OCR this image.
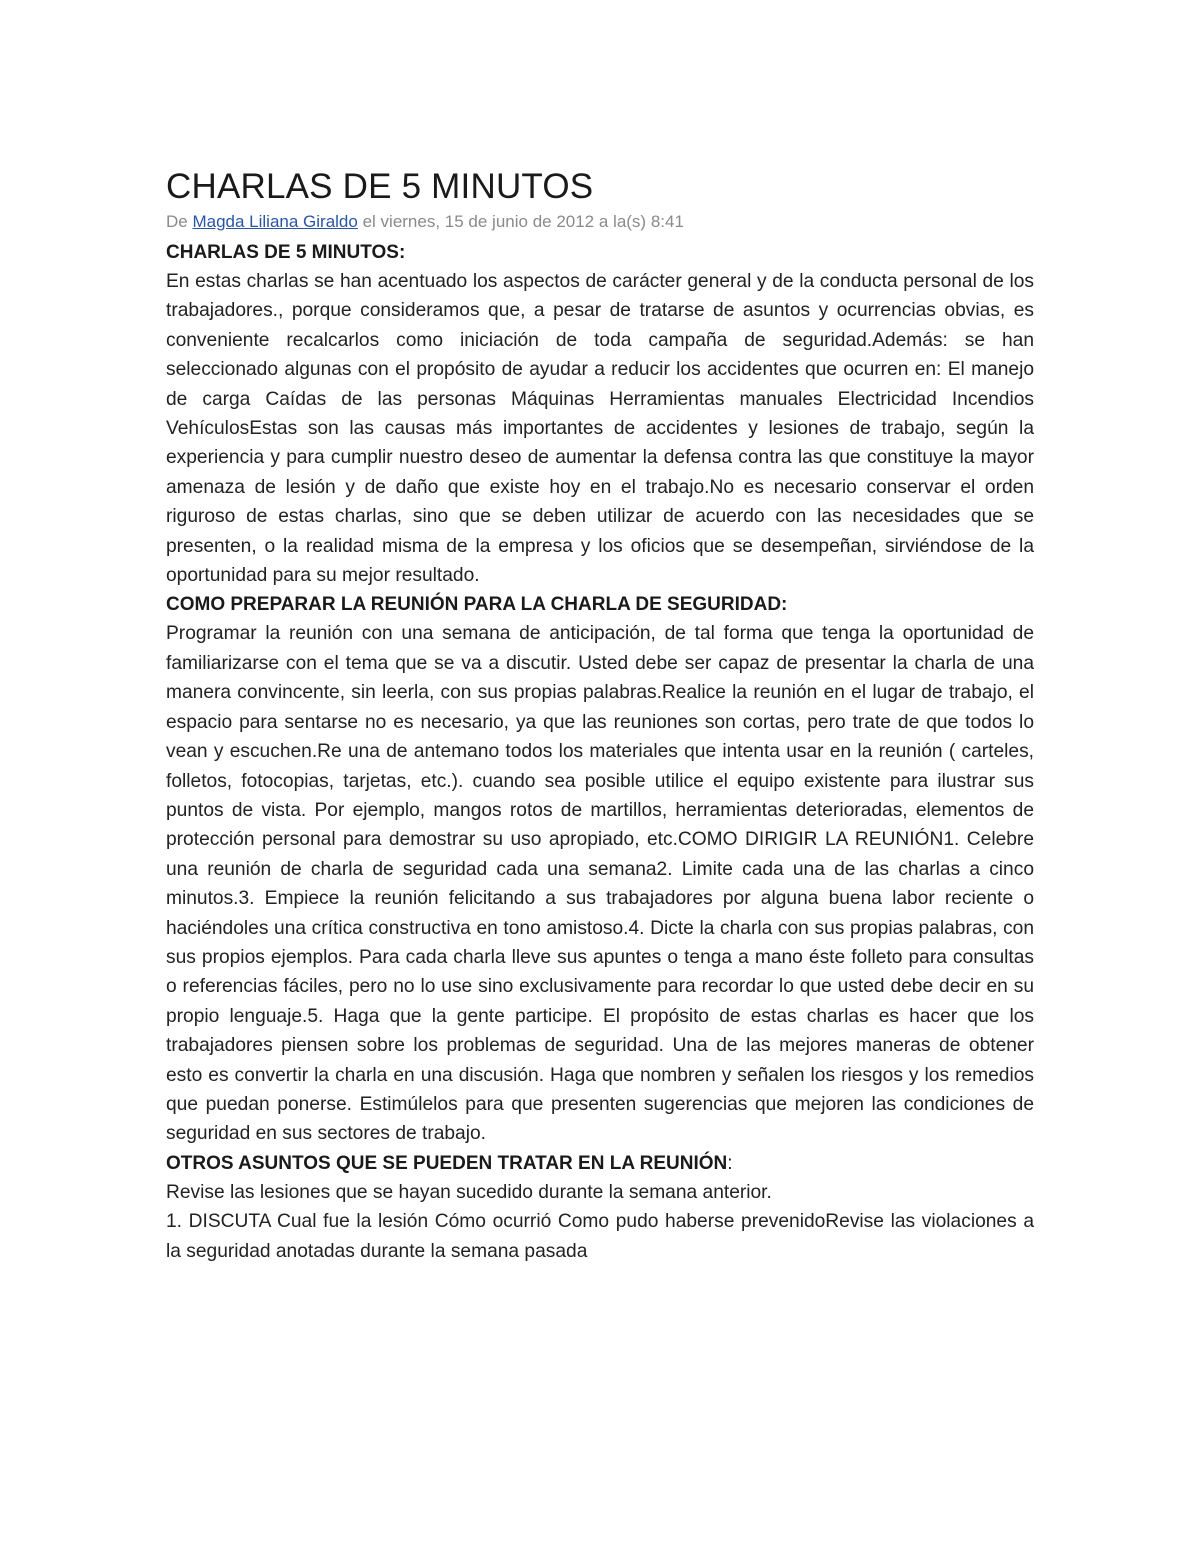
CHARLAS DE 5 MINUTOS

De Magda Liliana Giraldo el viernes, 15 de junio de 2012 a la(s) 8:41

CHARLAS DE 5 MINUTOS:

En estas charlas se han acentuado los aspectos de carácter general y de la conducta personal de los trabajadores., porque consideramos que, a pesar de tratarse de asuntos y ocurrencias obvias, es conveniente recalcarlos como iniciación de toda campaña de seguridad.Además: se han seleccionado algunas con el propósito de ayudar a reducir los accidentes que ocurren en: El manejo de carga Caídas de las personas Máquinas Herramientas manuales Electricidad Incendios VehículosEstas son las causas más importantes de accidentes y lesiones de trabajo, según la experiencia y para cumplir nuestro deseo de aumentar la defensa contra las que constituye la mayor amenaza de lesión y de daño que existe hoy en el trabajo.No es necesario conservar el orden riguroso de estas charlas, sino que se deben utilizar de acuerdo con las necesidades que se presenten, o la realidad misma de la empresa y los oficios que se desempeñan, sirviéndose de la oportunidad para su mejor resultado.

COMO PREPARAR LA REUNIÓN PARA LA CHARLA DE SEGURIDAD:

Programar la reunión con una semana de anticipación, de tal forma que tenga la oportunidad de familiarizarse con el tema que se va a discutir. Usted debe ser capaz de presentar la charla de una manera convincente, sin leerla, con sus propias palabras.Realice la reunión en el lugar de trabajo, el espacio para sentarse no es necesario, ya que las reuniones son cortas, pero trate de que todos lo vean y escuchen.Re una de antemano todos los materiales que intenta usar en la reunión ( carteles, folletos, fotocopias, tarjetas, etc.). cuando sea posible utilice el equipo existente para ilustrar sus puntos de vista. Por ejemplo, mangos rotos de martillos, herramientas deterioradas, elementos de protección personal para demostrar su uso apropiado, etc.COMO DIRIGIR LA REUNIÓN1. Celebre una reunión de charla de seguridad cada una semana2. Limite cada una de las charlas a cinco minutos.3. Empiece la reunión felicitando a sus trabajadores por alguna buena labor reciente o haciéndoles una crítica constructiva en tono amistoso.4. Dicte la charla con sus propias palabras, con sus propios ejemplos. Para cada charla lleve sus apuntes o tenga a mano éste folleto para consultas o referencias fáciles, pero no lo use sino exclusivamente para recordar lo que usted debe decir en su propio lenguaje.5. Haga que la gente participe. El propósito de estas charlas es hacer que los trabajadores piensen sobre los problemas de seguridad. Una de las mejores maneras de obtener esto es convertir la charla en una discusión. Haga que nombren y señalen los riesgos y los remedios que puedan ponerse. Estimúlelos para que presenten sugerencias que mejoren las condiciones de seguridad en sus sectores de trabajo.

OTROS ASUNTOS QUE SE PUEDEN TRATAR EN LA REUNIÓN:

Revise las lesiones que se hayan sucedido durante la semana anterior.

1. DISCUTA Cual fue la lesión Cómo ocurrió Como pudo haberse prevenidoRevise las violaciones a la seguridad anotadas durante la semana pasada
